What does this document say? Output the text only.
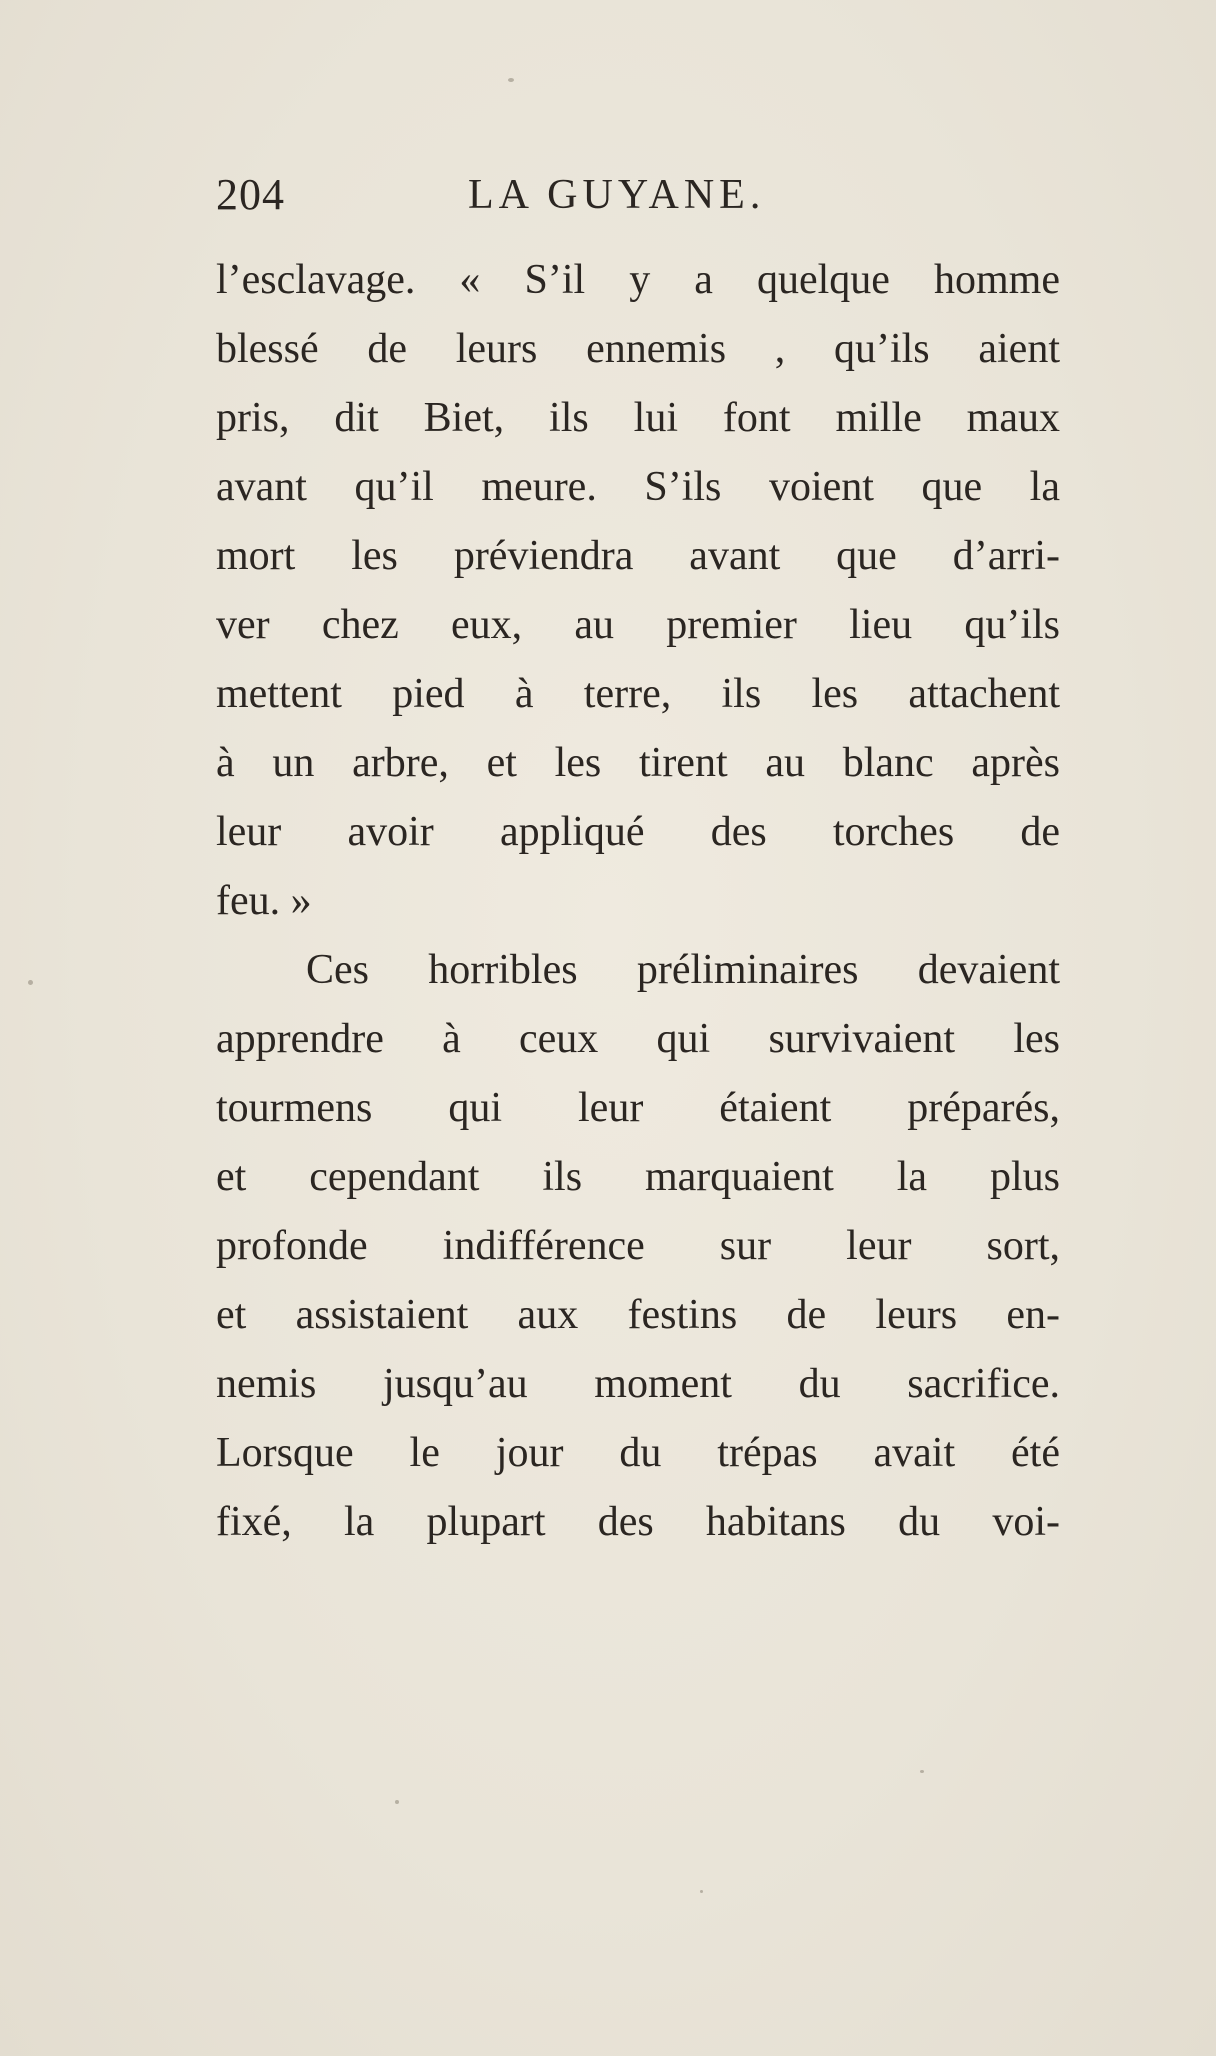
204	LA GUYANE.
l’esclavage. « S’il y a quelque homme
blessé de leurs ennemis , qu’ils aient
pris, dit Biet, ils lui font mille maux
avant qu’il meure. S’ils voient que la
mort les préviendra avant que d’arri-
ver chez eux, au premier lieu qu’ils
mettent pied à terre, ils les attachent
à un arbre, et les tirent au blanc après
leur avoir appliqué des torches de
feu. »
Ces horribles préliminaires devaient
apprendre à ceux qui survivaient les
tourmens qui leur étaient préparés,
et cependant ils marquaient la plus
profonde indifférence sur leur sort,
et assistaient aux festins de leurs en-
nemis jusqu’au moment du sacrifice.
Lorsque le jour du trépas avait été
fixé, la plupart des habitans du voi-
